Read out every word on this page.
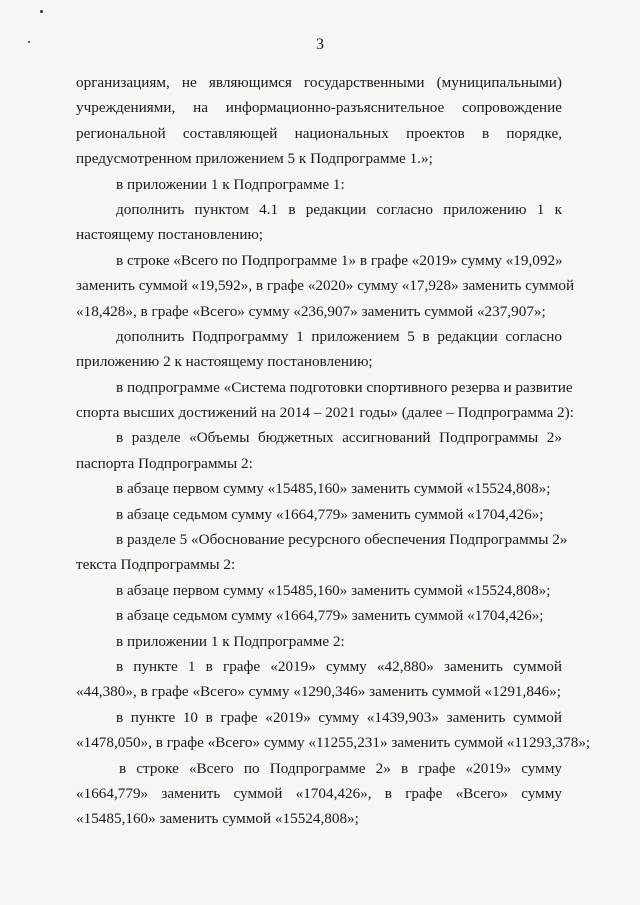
3
организациям, не являющимся государственными (муниципальными)
учреждениями, на информационно-разъяснительное сопровождение
региональной составляющей национальных проектов в порядке,
предусмотренном приложением 5 к Подпрограмме 1.»;
в приложении 1 к Подпрограмме 1:
дополнить пунктом 4.1 в редакции согласно приложению 1 к
настоящему постановлению;
в строке «Всего по Подпрограмме 1» в графе «2019» сумму «19,092»
заменить суммой «19,592», в графе «2020» сумму «17,928» заменить суммой
«18,428», в графе «Всего» сумму «236,907» заменить суммой «237,907»;
дополнить Подпрограмму 1 приложением 5 в редакции согласно
приложению 2 к настоящему постановлению;
в подпрограмме «Система подготовки спортивного резерва и развитие
спорта высших достижений на 2014 – 2021 годы» (далее – Подпрограмма 2):
в разделе «Объемы бюджетных ассигнований Подпрограммы 2»
паспорта Подпрограммы 2:
в абзаце первом сумму «15485,160» заменить суммой «15524,808»;
в абзаце седьмом сумму «1664,779» заменить суммой «1704,426»;
в разделе 5 «Обоснование ресурсного обеспечения Подпрограммы 2»
текста Подпрограммы 2:
в абзаце первом сумму «15485,160» заменить суммой «15524,808»;
в абзаце седьмом сумму «1664,779» заменить суммой «1704,426»;
в приложении 1 к Подпрограмме 2:
в пункте 1 в графе «2019» сумму «42,880» заменить суммой
«44,380», в графе «Всего» сумму «1290,346» заменить суммой «1291,846»;
в пункте 10 в графе «2019» сумму «1439,903» заменить суммой
«1478,050», в графе «Всего» сумму «11255,231» заменить суммой «11293,378»;
в строке «Всего по Подпрограмме 2» в графе «2019» сумму
«1664,779» заменить суммой «1704,426», в графе «Всего» сумму
«15485,160» заменить суммой «15524,808»;
